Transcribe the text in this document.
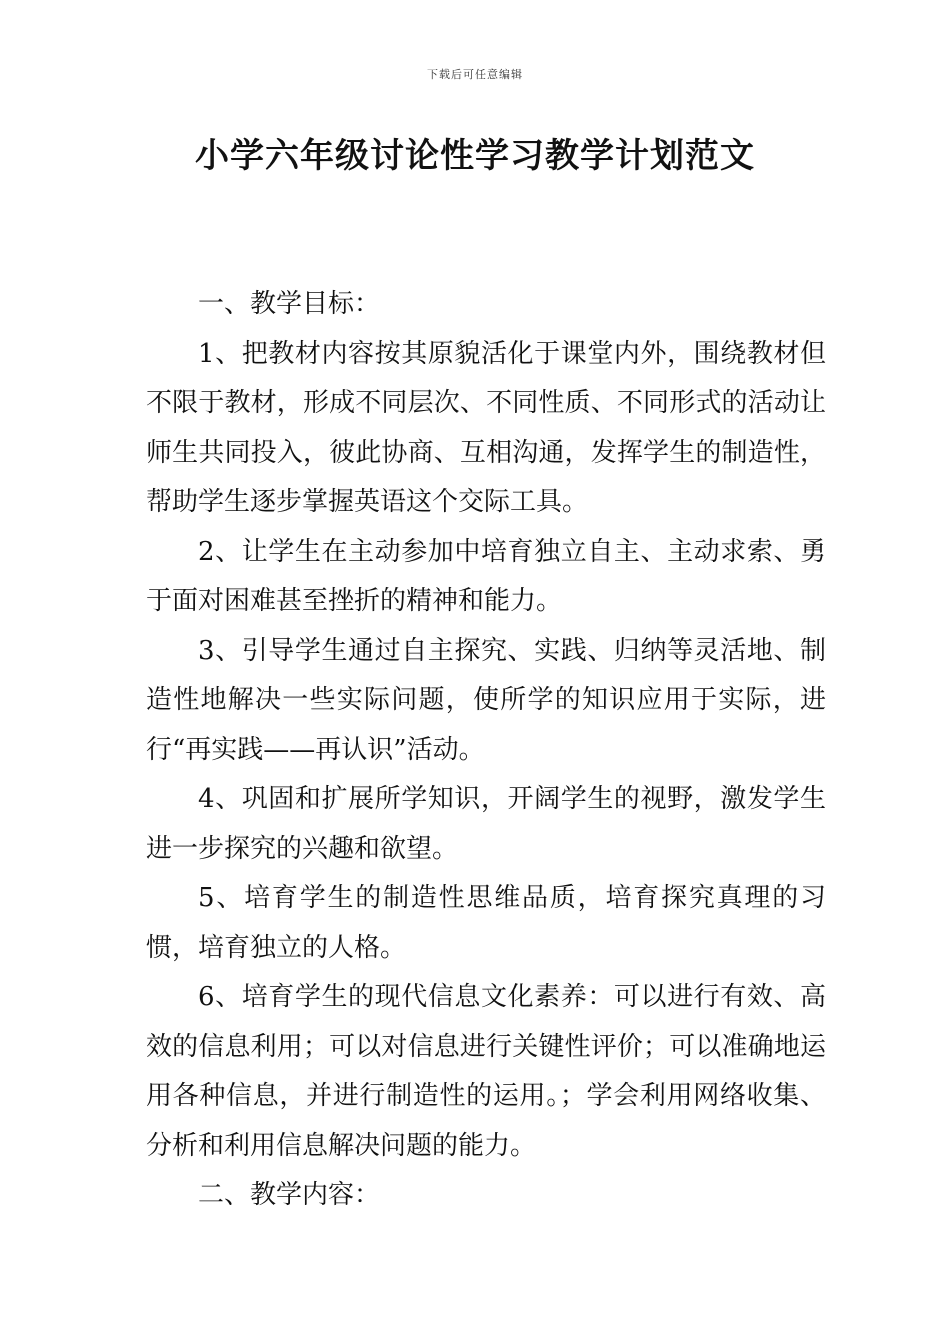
下载后可任意编辑
小学六年级讨论性学习教学计划范文

一、教学目标：

1、把教材内容按其原貌活化于课堂内外，围绕教材但不限于教材，形成不同层次、不同性质、不同形式的活动让师生共同投入，彼此协商、互相沟通，发挥学生的制造性，帮助学生逐步掌握英语这个交际工具。

2、让学生在主动参加中培育独立自主、主动求索、勇于面对困难甚至挫折的精神和能力。

3、引导学生通过自主探究、实践、归纳等灵活地、制造性地解决一些实际问题，使所学的知识应用于实际，进行“再实践——再认识”活动。

4、巩固和扩展所学知识，开阔学生的视野，激发学生进一步探究的兴趣和欲望。

5、培育学生的制造性思维品质，培育探究真理的习惯，培育独立的人格。

6、培育学生的现代信息文化素养：可以进行有效、高效的信息利用；可以对信息进行关键性评价；可以准确地运用各种信息，并进行制造性的运用。；学会利用网络收集、分析和利用信息解决问题的能力。

二、教学内容：
